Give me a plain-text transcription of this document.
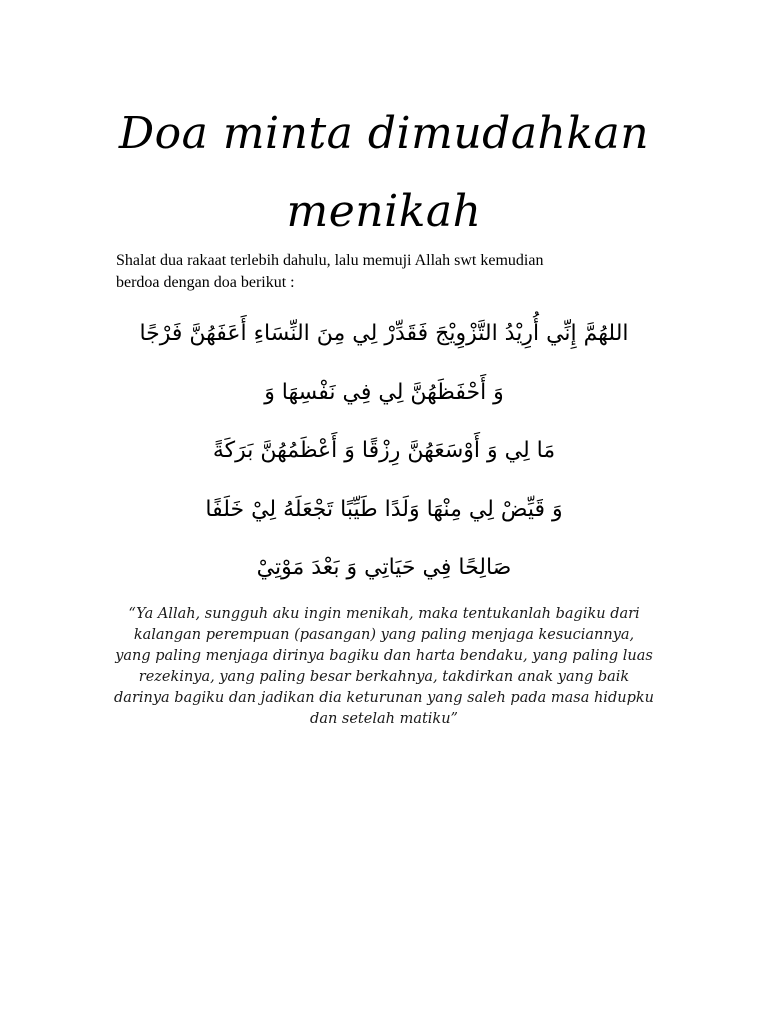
Doa minta dimudahkan
menikah
Shalat dua rakaat terlebih dahulu, lalu memuji Allah swt kemudian
berdoa dengan doa berikut :
اللهُمَّ إِنِّي أُرِيْدُ التَّزْوِيْجَ فَقَدِّرْ لِي مِنَ النِّسَاءِ أَعَفَهُنَّ فَرْجًا
وَ أَحْفَظَهُنَّ لِي فِي نَفْسِهَا وَ
مَا لِي وَ أَوْسَعَهُنَّ رِزْقًا وَ أَعْظَمُهُنَّ بَرَكَةً
وَ قَيِّضْ لِي مِنْهَا وَلَدًا طَيِّبًا تَجْعَلَهُ لِيْ خَلَفًا
صَالِحًا فِي حَيَاتِي وَ بَعْدَ مَوْتِيْ
“Ya Allah, sungguh aku ingin menikah, maka tentukanlah bagiku dari
kalangan perempuan (pasangan) yang paling menjaga kesuciannya,
yang paling menjaga dirinya bagiku dan harta bendaku, yang paling luas
rezekinya, yang paling besar berkahnya, takdirkan anak yang baik
darinya bagiku dan jadikan dia keturunan yang saleh pada masa hidupku
dan setelah matiku”
